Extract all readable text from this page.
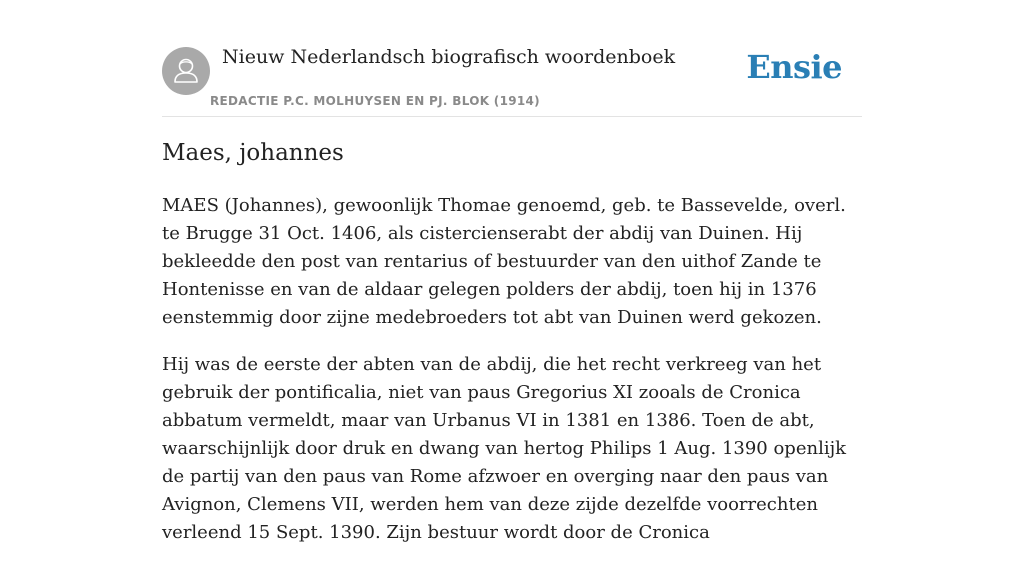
Nieuw Nederlandsch biografisch woordenboek
REDACTIE P.C. MOLHUYSEN EN PJ. BLOK (1914)
Ensie
Maes, johannes

MAES (Johannes), gewoonlijk Thomae genoemd, geb. te Bassevelde, overl. te Brugge 31 Oct. 1406, als cistercienserabt der abdij van Duinen. Hij bekleedde den post van rentarius of bestuurder van den uithof Zande te Hontenisse en van de aldaar gelegen polders der abdij, toen hij in 1376 eenstemmig door zijne medebroeders tot abt van Duinen werd gekozen.

Hij was de eerste der abten van de abdij, die het recht verkreeg van het gebruik der pontificalia, niet van paus Gregorius XI zooals de Cronica abbatum vermeldt, maar van Urbanus VI in 1381 en 1386. Toen de abt, waarschijnlijk door druk en dwang van hertog Philips 1 Aug. 1390 openlijk de partij van den paus van Rome afzwoer en overging naar den paus van Avignon, Clemens VII, werden hem van deze zijde dezelfde voorrechten verleend 15 Sept. 1390. Zijn bestuur wordt door de Cronica
